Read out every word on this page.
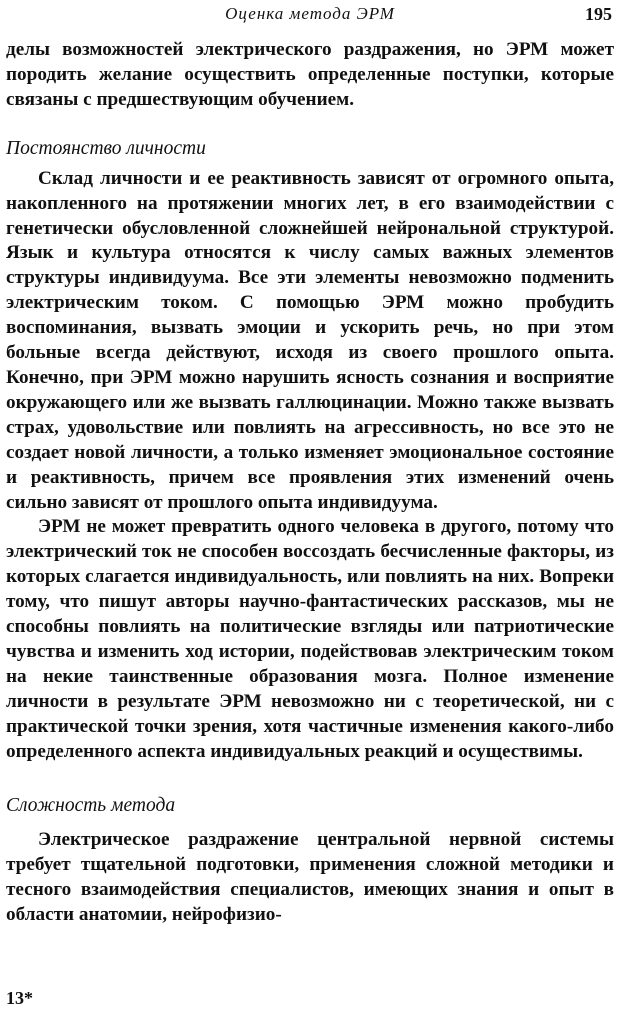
Оценка метода ЭРМ	195

делы возможностей электрического раздражения, но ЭРМ может породить желание осуществить определенные поступки, которые связаны с предшествующим обучением.

Постоянство личности

Склад личности и ее реактивность зависят от огромного опыта, накопленного на протяжении многих лет, в его взаимодействии с генетически обусловленной сложнейшей нейрональной структурой. Язык и культура относятся к числу самых важных элементов структуры индивидуума. Все эти элементы невозможно подменить электрическим током. С помощью ЭРМ можно пробудить воспоминания, вызвать эмоции и ускорить речь, но при этом больные всегда действуют, исходя из своего прошлого опыта. Конечно, при ЭРМ можно нарушить ясность сознания и восприятие окружающего или же вызвать галлюцинации. Можно также вызвать страх, удовольствие или повлиять на агрессивность, но все это не создает новой личности, а только изменяет эмоциональное состояние и реактивность, причем все проявления этих изменений очень сильно зависят от прошлого опыта индивидуума.

ЭРМ не может превратить одного человека в другого, потому что электрический ток не способен воссоздать бесчисленные факторы, из которых слагается индивидуальность, или повлиять на них. Вопреки тому, что пишут авторы научно-фантастических рассказов, мы не способны повлиять на политические взгляды или патриотические чувства и изменить ход истории, подействовав электрическим током на некие таинственные образования мозга. Полное изменение личности в результате ЭРМ невозможно ни с теоретической, ни с практической точки зрения, хотя частичные изменения какого-либо определенного аспекта индивидуальных реакций и осуществимы.

Сложность метода

Электрическое раздражение центральной нервной системы требует тщательной подготовки, применения сложной методики и тесного взаимодействия специалистов, имеющих знания и опыт в области анатомии, нейрофизио-

13*
